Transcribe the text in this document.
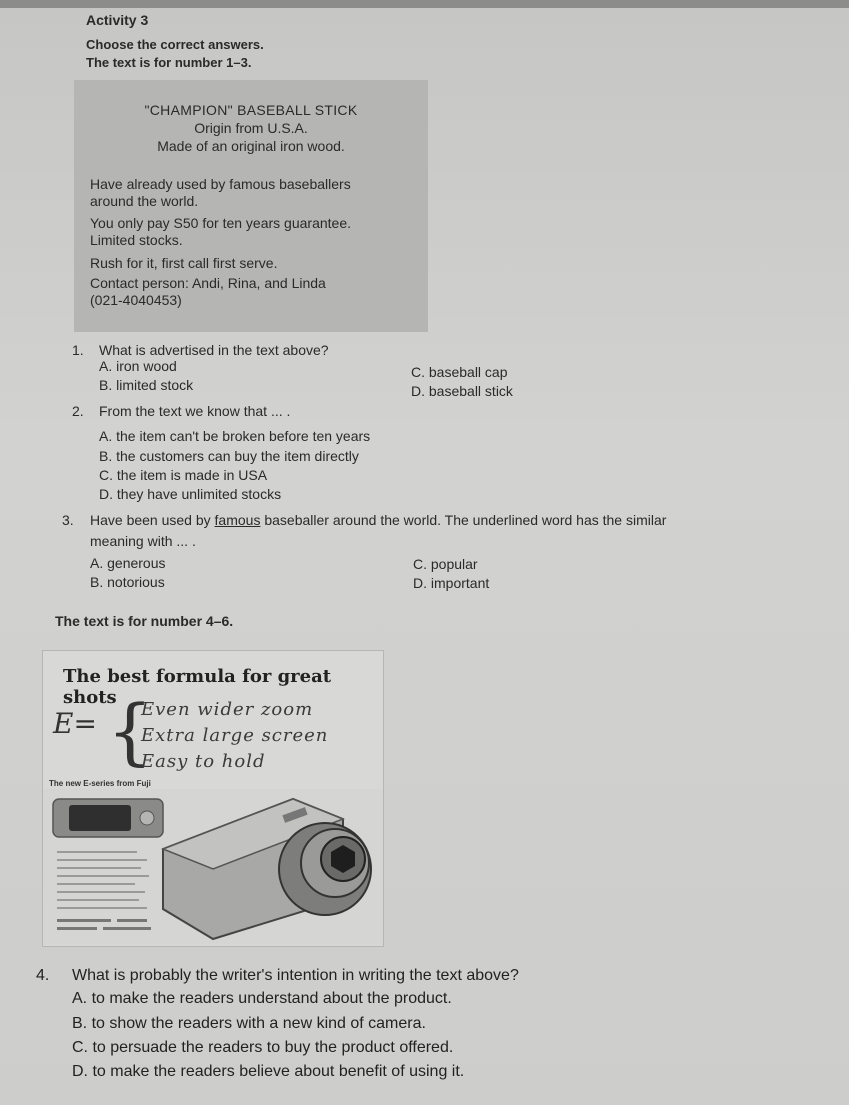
Activity 3
Choose the correct answers.
The text is for number 1–3.
"CHAMPION" BASEBALL STICK
Origin from U.S.A.
Made of an original iron wood.
Have already used by famous baseballers
around the world.
You only pay S50 for ten years guarantee.
Limited stocks.
Rush for it, first call first serve.
Contact person: Andi, Rina, and Linda
(021-4040453)
1. What is advertised in the text above?
A. iron wood
B. limited stock
C. baseball cap
D. baseball stick
2. From the text we know that ... .
A. the item can't be broken before ten years
B. the customers can buy the item directly
C. the item is made in USA
D. they have unlimited stocks
3. Have been used by famous baseballer around the world. The underlined word has the similar
meaning with ... .
A. generous
B. notorious
C. popular
D. important
The text is for number 4–6.
The best formula for great shots
E= {
Even wider zoom
Extra large screen
Easy to hold
The new E-series from Fuji
4. What is probably the writer's intention in writing the text above?
A. to make the readers understand about the product.
B. to show the readers with a new kind of camera.
C. to persuade the readers to buy the product offered.
D. to make the readers believe about benefit of using it.
